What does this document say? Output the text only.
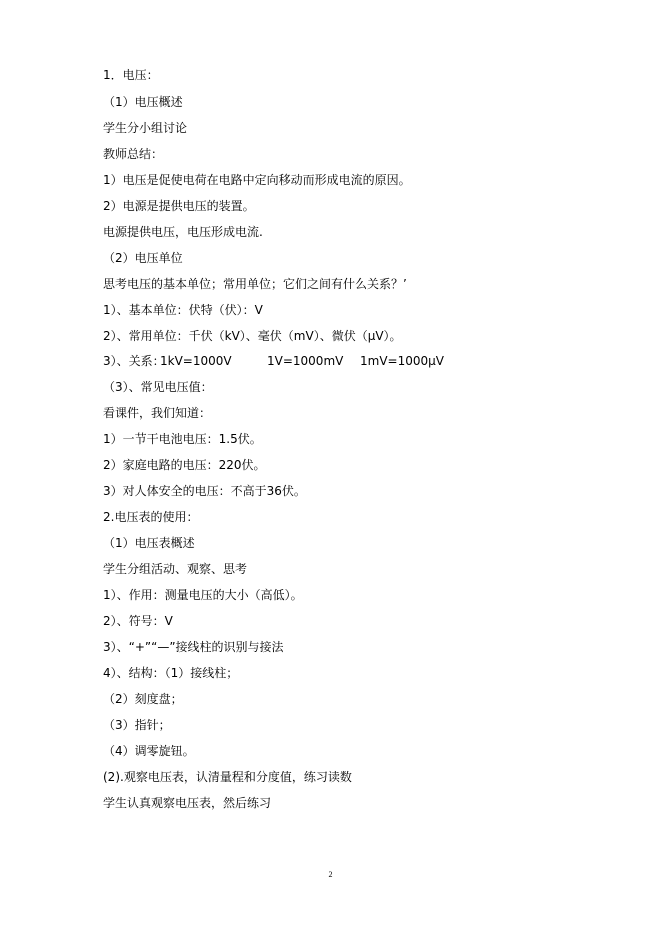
1．电压：
（1）电压概述
学生分小组讨论
教师总结：
1）电压是促使电荷在电路中定向移动而形成电流的原因。
2）电源是提供电压的装置。
电源提供电压，电压形成电流.
（2）电压单位
思考电压的基本单位；常用单位；它们之间有什么关系？’
1）、基本单位：伏特（伏）：V
2）、常用单位：千伏（kV）、毫伏（mV）、微伏（μV）。
3）、关系：
1kV=1000V	1V=1000mV 1mV=1000μV
（3）、常见电压值：
看课件，我们知道：
1）一节干电池电压：1.5伏。
2）家庭电路的电压：220伏。
3）对人体安全的电压：不高于36伏。
2.电压表的使用：
（1）电压表概述
学生分组活动、观察、思考
1）、作用：测量电压的大小（高低）。
2）、符号：V
3）、“+”“—”接线柱的识别与接法
4）、结构：（1）接线柱；
（2）刻度盘；
（3）指针；
（4）调零旋钮。
(2).观察电压表，认清量程和分度值，练习读数
学生认真观察电压表，然后练习
2
